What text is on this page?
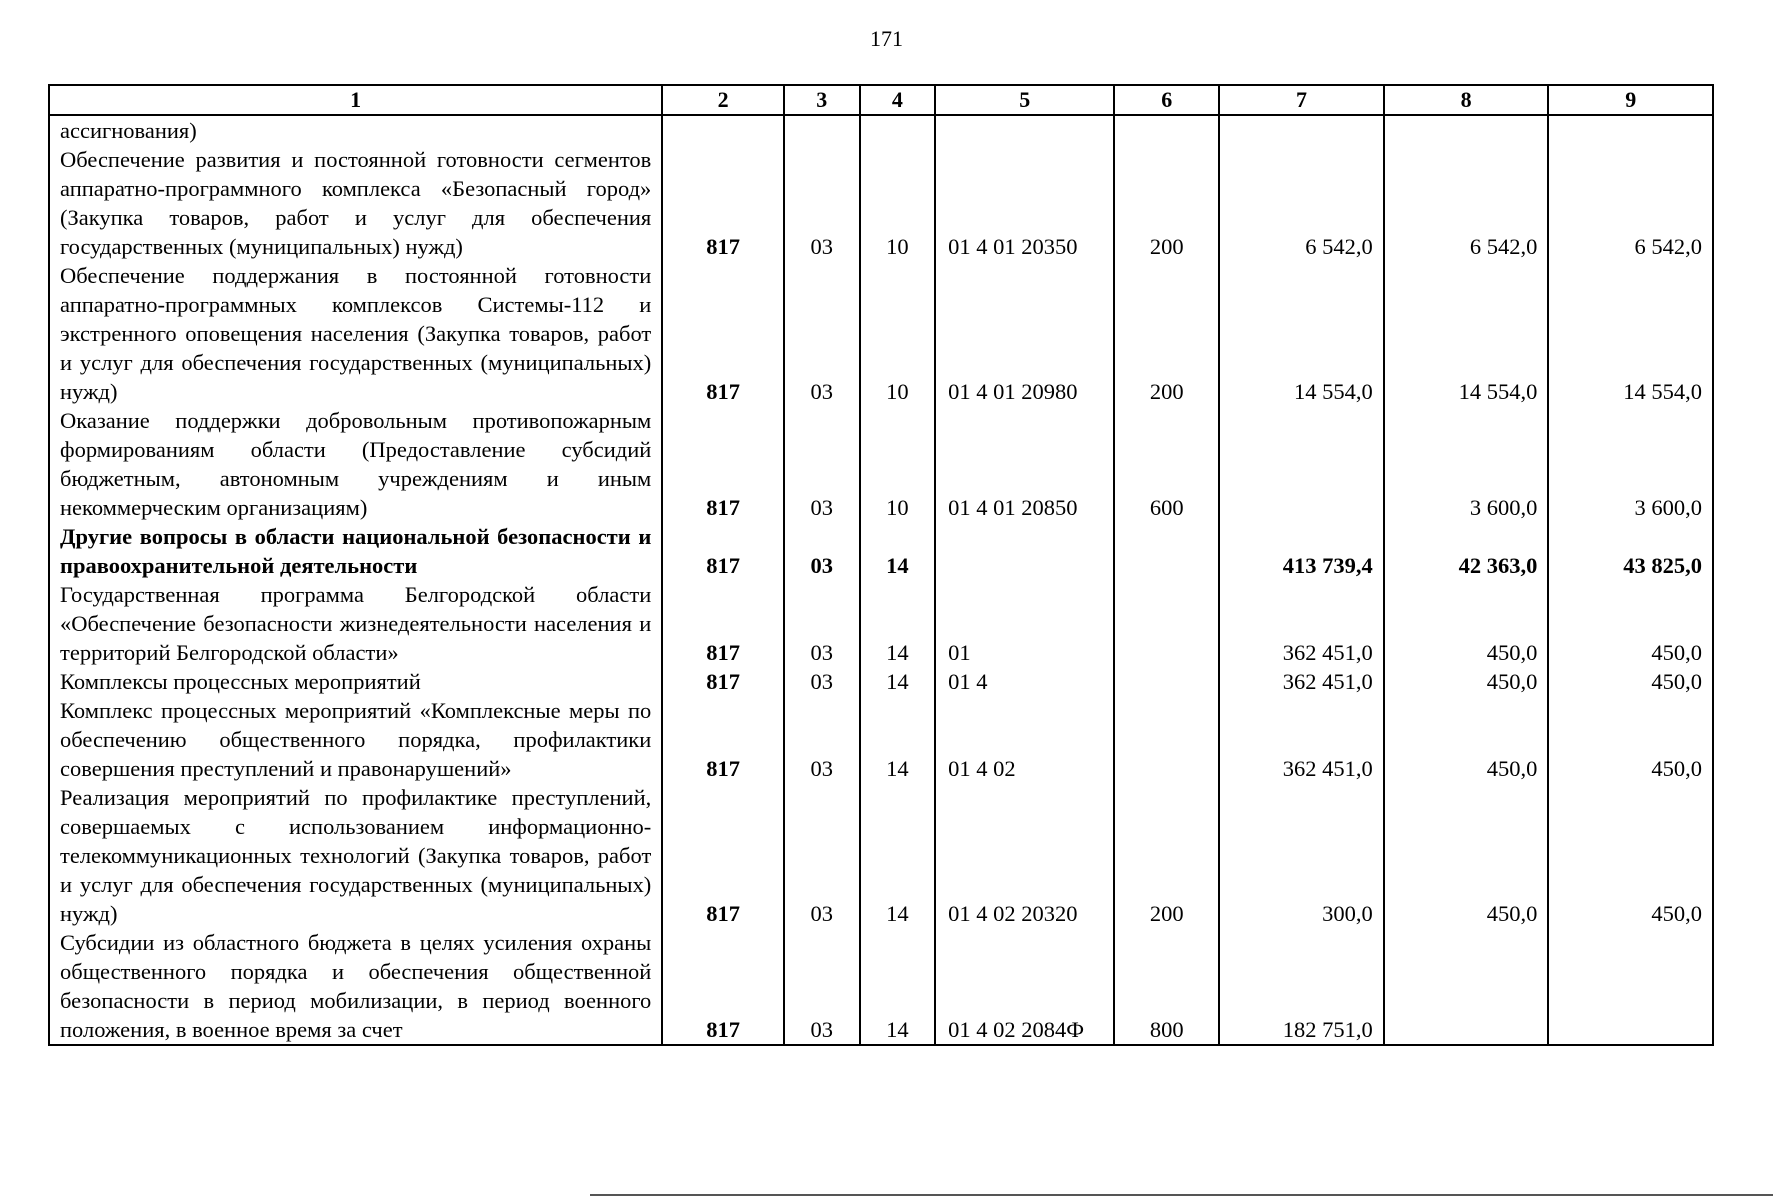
171
1	2	3	4	5	6	7	8	9
ассигнования)								
Обеспечение развития и постоянной готовности сегментов аппаратно-программного комплекса «Безопасный город» (Закупка товаров, работ и услуг для обеспечения государственных (муниципальных) нужд)	817	03	10	01 4 01 20350	200	6 542,0	6 542,0	6 542,0
Обеспечение поддержания в постоянной готовности аппаратно-программных комплексов Системы-112 и экстренного оповещения населения (Закупка товаров, работ и услуг для обеспечения государственных (муниципальных) нужд)	817	03	10	01 4 01 20980	200	14 554,0	14 554,0	14 554,0
Оказание поддержки добровольным противопожарным формированиям области (Предоставление субсидий бюджетным, автономным учреждениям и иным некоммерческим организациям)	817	03	10	01 4 01 20850	600		3 600,0	3 600,0
Другие вопросы в области национальной безопасности и правоохранительной деятельности	817	03	14			413 739,4	42 363,0	43 825,0
Государственная программа Белгородской области «Обеспечение безопасности жизнедеятельности населения и территорий Белгородской области»	817	03	14	01		362 451,0	450,0	450,0
Комплексы процессных мероприятий	817	03	14	01 4		362 451,0	450,0	450,0
Комплекс процессных мероприятий «Комплексные меры по обеспечению общественного порядка, профилактики совершения преступлений и правонарушений»	817	03	14	01 4 02		362 451,0	450,0	450,0
Реализация мероприятий по профилактике преступлений, совершаемых с использованием информационно-телекоммуникационных технологий (Закупка товаров, работ и услуг для обеспечения государственных (муниципальных) нужд)	817	03	14	01 4 02 20320	200	300,0	450,0	450,0
Субсидии из областного бюджета в целях усиления охраны общественного порядка и обеспечения общественной безопасности в период мобилизации, в период военного положения, в военное время за счет	817	03	14	01 4 02 2084Ф	800	182 751,0		
